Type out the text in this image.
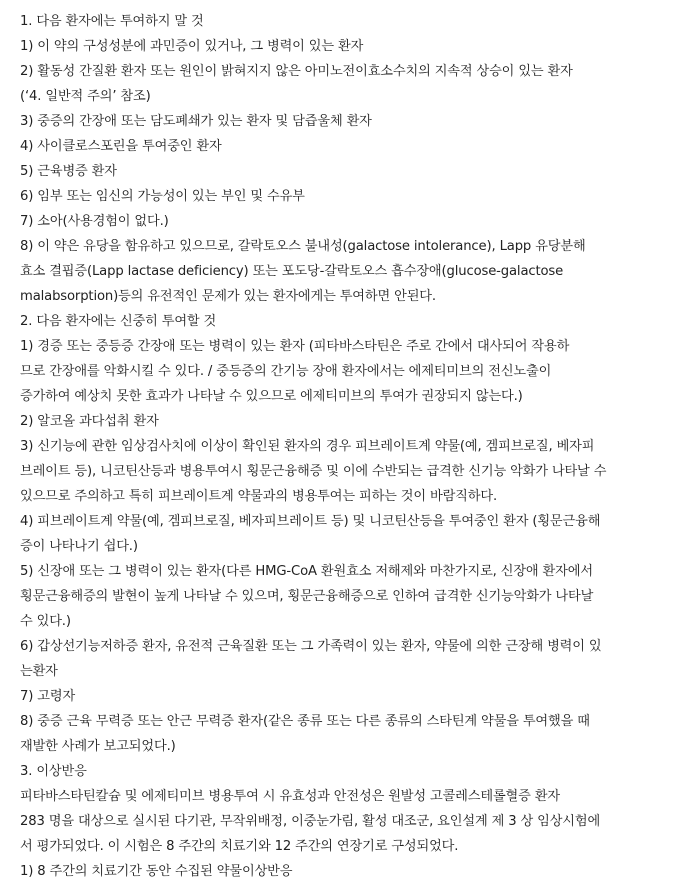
1. 다음 환자에는 투여하지 말 것
1) 이 약의 구성성분에 과민증이 있거나, 그 병력이 있는 환자
2) 활동성 간질환 환자 또는 원인이 밝혀지지 않은 아미노전이효소수치의 지속적 상승이 있는 환자
(‘4. 일반적 주의’ 참조)
3) 중증의 간장애 또는 담도폐쇄가 있는 환자 및 담즙울체 환자
4) 사이클로스포린을 투여중인 환자
5) 근육병증 환자
6) 임부 또는 임신의 가능성이 있는 부인 및 수유부
7) 소아(사용경험이 없다.)
8) 이 약은 유당을 함유하고 있으므로, 갈락토오스 불내성(galactose intolerance), Lapp 유당분해
효소 결핍증(Lapp lactase deficiency) 또는 포도당-갈락토오스 흡수장애(glucose-galactose
malabsorption)등의 유전적인 문제가 있는 환자에게는 투여하면 안된다.
2. 다음 환자에는 신중히 투여할 것
1) 경증 또는 중등증 간장애 또는 병력이 있는 환자 (피타바스타틴은 주로 간에서 대사되어 작용하
므로 간장애를 악화시킬 수 있다. / 중등증의 간기능 장애 환자에서는 에제티미브의 전신노출이
증가하여 예상치 못한 효과가 나타날 수 있으므로 에제티미브의 투여가 권장되지 않는다.)
2) 알코올 과다섭취 환자
3) 신기능에 관한 임상검사치에 이상이 확인된 환자의 경우 피브레이트계 약물(예, 겜피브로질, 베자피
브레이트 등), 니코틴산등과 병용투여시 횡문근융해증 및 이에 수반되는 급격한 신기능 악화가 나타날 수
있으므로 주의하고 특히 피브레이트계 약물과의 병용투여는 피하는 것이 바람직하다.
4) 피브레이트계 약물(예, 겜피브로질, 베자피브레이트 등) 및 니코틴산등을 투여중인 환자 (횡문근융해
증이 나타나기 쉽다.)
5) 신장애 또는 그 병력이 있는 환자(다른 HMG-CoA 환원효소 저해제와 마찬가지로, 신장애 환자에서
횡문근융해증의 발현이 높게 나타날 수 있으며, 횡문근융해증으로 인하여 급격한 신기능악화가 나타날
수 있다.)
6) 갑상선기능저하증 환자, 유전적 근육질환 또는 그 가족력이 있는 환자, 약물에 의한 근장해 병력이 있
는환자
7) 고령자
8) 중증 근육 무력증 또는 안근 무력증 환자(같은 종류 또는 다른 종류의 스타틴계 약물을 투여했을 때
재발한 사례가 보고되었다.)
3. 이상반응
피타바스타틴칼슘 및 에제티미브 병용투여 시 유효성과 안전성은 원발성 고콜레스테롤혈증 환자
283 명을 대상으로 실시된 다기관, 무작위배정, 이중눈가림, 활성 대조군, 요인설계 제 3 상 임상시험에
서 평가되었다. 이 시험은 8 주간의 치료기와 12 주간의 연장기로 구성되었다.
1) 8 주간의 치료기간 동안 수집된 약물이상반응
